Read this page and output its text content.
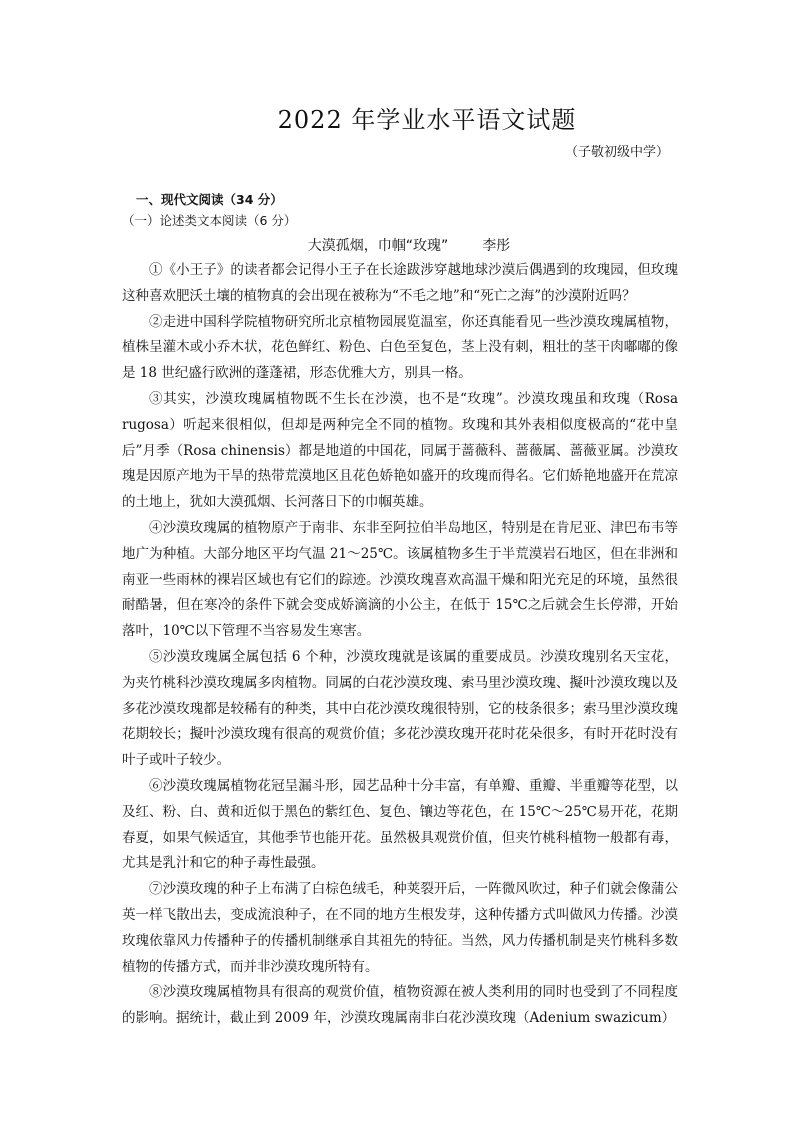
2022 年学业水平语文试题
（子敬初级中学）
一、现代文阅读（34 分）
（一）论述类文本阅读（6 分）
大漠孤烟，巾帼“玫瑰” 李彤

①《小王子》的读者都会记得小王子在长途跋涉穿越地球沙漠后偶遇到的玫瑰园，但玫瑰这种喜欢肥沃土壤的植物真的会出现在被称为“不毛之地”和“死亡之海”的沙漠附近吗？

②走进中国科学院植物研究所北京植物园展览温室，你还真能看见一些沙漠玫瑰属植物，植株呈灌木或小乔木状，花色鲜红、粉色、白色至复色，茎上没有刺，粗壮的茎干肉嘟嘟的像是 18 世纪盛行欧洲的蓬蓬裙，形态优雅大方，别具一格。

③其实，沙漠玫瑰属植物既不生长在沙漠，也不是“玫瑰”。沙漠玫瑰虽和玫瑰（Rosa rugosa）听起来很相似，但却是两种完全不同的植物。玫瑰和其外表相似度极高的“花中皇后”月季（Rosa chinensis）都是地道的中国花，同属于蔷薇科、蔷薇属、蔷薇亚属。沙漠玫瑰是因原产地为干旱的热带荒漠地区且花色娇艳如盛开的玫瑰而得名。它们娇艳地盛开在荒凉的土地上，犹如大漠孤烟、长河落日下的巾帼英雄。

④沙漠玫瑰属的植物原产于南非、东非至阿拉伯半岛地区，特别是在肯尼亚、津巴布韦等地广为种植。大部分地区平均气温 21～25℃。该属植物多生于半荒漠岩石地区，但在非洲和南亚一些雨林的裸岩区域也有它们的踪迹。沙漠玫瑰喜欢高温干燥和阳光充足的环境，虽然很耐酷暑，但在寒冷的条件下就会变成娇滴滴的小公主，在低于 15℃之后就会生长停滞，开始落叶，10℃以下管理不当容易发生寒害。

⑤沙漠玫瑰属全属包括 6 个种，沙漠玫瑰就是该属的重要成员。沙漠玫瑰别名天宝花，为夹竹桃科沙漠玫瑰属多肉植物。同属的白花沙漠玫瑰、索马里沙漠玫瑰、擬叶沙漠玫瑰以及多花沙漠玫瑰都是较稀有的种类，其中白花沙漠玫瑰很特别，它的枝条很多；索马里沙漠玫瑰花期较长；擬叶沙漠玫瑰有很高的观赏价值；多花沙漠玫瑰开花时花朵很多，有时开花时没有叶子或叶子较少。

⑥沙漠玫瑰属植物花冠呈漏斗形，园艺品种十分丰富，有单瓣、重瓣、半重瓣等花型，以及红、粉、白、黄和近似于黑色的紫红色、复色、镶边等花色，在 15℃～25℃易开花，花期春夏，如果气候适宜，其他季节也能开花。虽然极具观赏价值，但夹竹桃科植物一般都有毒，尤其是乳汁和它的种子毒性最强。

⑦沙漠玫瑰的种子上布满了白棕色绒毛，种荚裂开后，一阵微风吹过，种子们就会像蒲公英一样飞散出去，变成流浪种子，在不同的地方生根发芽，这种传播方式叫做风力传播。沙漠玫瑰依靠风力传播种子的传播机制继承自其祖先的特征。当然，风力传播机制是夹竹桃科多数植物的传播方式，而并非沙漠玫瑰所特有。

⑧沙漠玫瑰属植物具有很高的观赏价值，植物资源在被人类利用的同时也受到了不同程度的影响。据统计，截止到 2009 年，沙漠玫瑰属南非白花沙漠玫瑰（Adenium swazicum）
